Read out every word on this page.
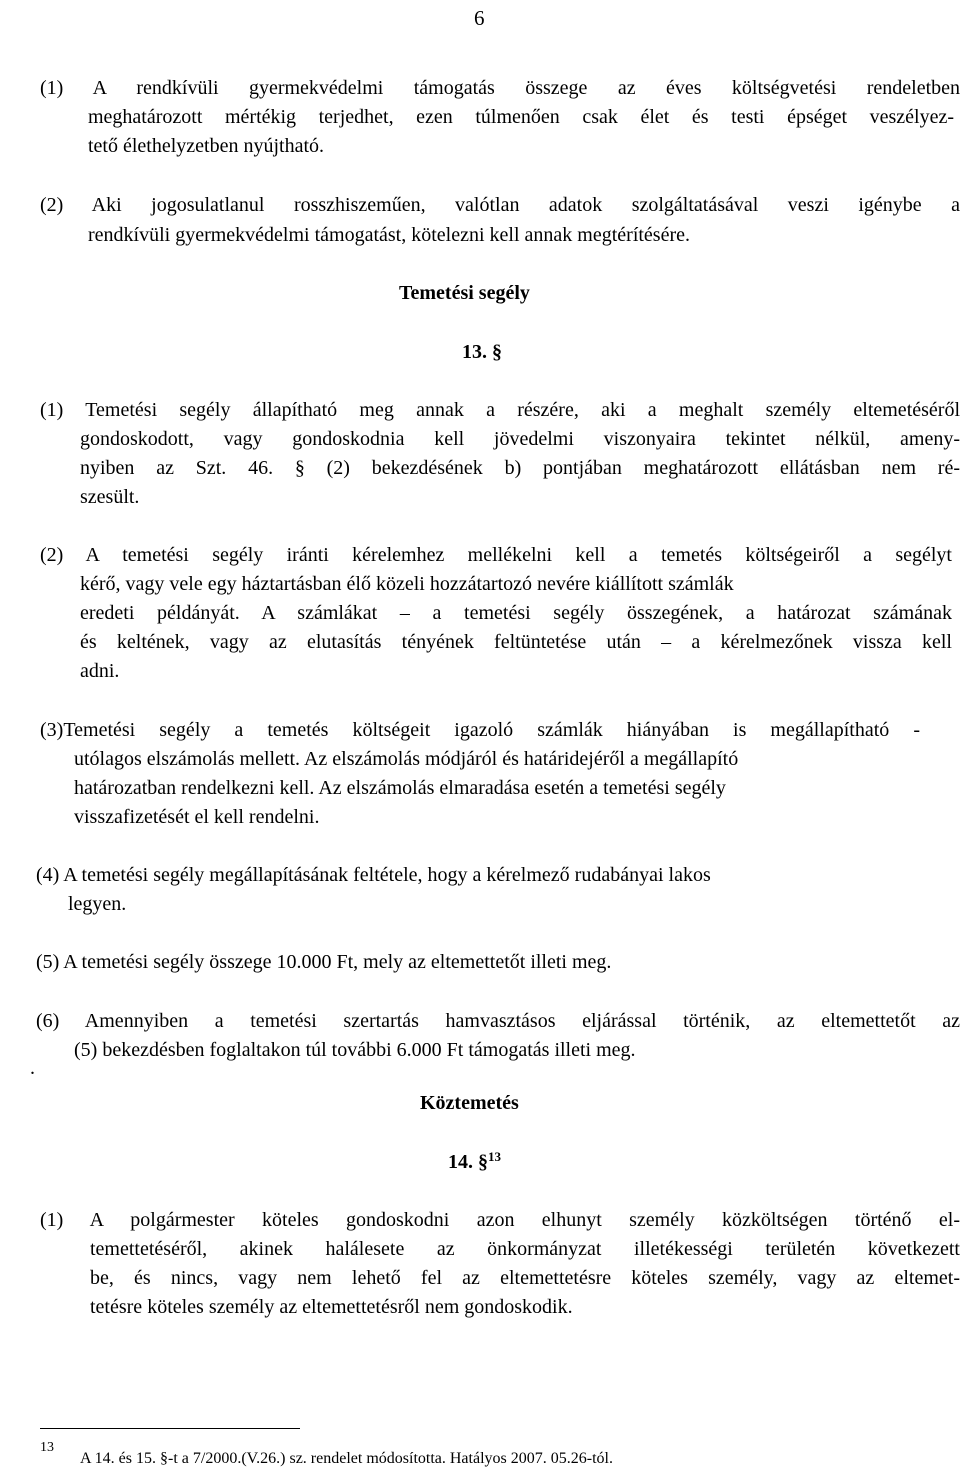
6
(1) A rendkívüli gyermekvédelmi támogatás összege az éves költségvetési rendeletben
meghatározott mértékig terjedhet, ezen túlmenően csak élet és testi épséget veszélyez-
tető élethelyzetben nyújtható.
(2) Aki jogosulatlanul rosszhiszeműen, valótlan adatok szolgáltatásával veszi igénybe a
rendkívüli gyermekvédelmi támogatást, kötelezni kell annak megtérítésére.
Temetési segély
13. §
(1) Temetési segély állapítható meg annak a részére, aki a meghalt személy eltemetéséről
gondoskodott, vagy gondoskodnia kell jövedelmi viszonyaira tekintet nélkül, ameny-
nyiben az Szt. 46. § (2) bekezdésének b) pontjában meghatározott ellátásban nem ré-
szesült.
(2) A temetési segély iránti kérelemhez mellékelni kell a temetés költségeiről a segélyt
kérő, vagy vele egy háztartásban élő közeli hozzátartozó nevére kiállított számlák
eredeti példányát. A számlákat – a temetési segély összegének, a határozat számának
és keltének, vagy az elutasítás tényének feltüntetése után – a kérelmezőnek vissza kell
adni.
(3)Temetési segély a temetés költségeit igazoló számlák hiányában is megállapítható -
utólagos elszámolás mellett. Az elszámolás módjáról és határidejéről a megállapító
határozatban rendelkezni kell. Az elszámolás elmaradása esetén a temetési segély
visszafizetését el kell rendelni.
(4) A temetési segély megállapításának feltétele, hogy a kérelmező rudabányai lakos
legyen.
(5) A temetési segély összege 10.000 Ft, mely az eltemettetőt illeti meg.
(6) Amennyiben a temetési szertartás hamvasztásos eljárással történik, az eltemettetőt az
(5) bekezdésben foglaltakon túl további 6.000 Ft támogatás illeti meg.
.
Köztemetés
14. §$^{13}$
(1) A polgármester köteles gondoskodni azon elhunyt személy közköltségen történő el-
temettetéséről, akinek halálesete az önkormányzat illetékességi területén következett
be, és nincs, vagy nem lehető fel az eltemettetésre köteles személy, vagy az eltemet-
tetésre köteles személy az eltemettetésről nem gondoskodik.
13
A 14. és 15. §-t a 7/2000.(V.26.) sz. rendelet módosította. Hatályos 2007. 05.26-tól.
